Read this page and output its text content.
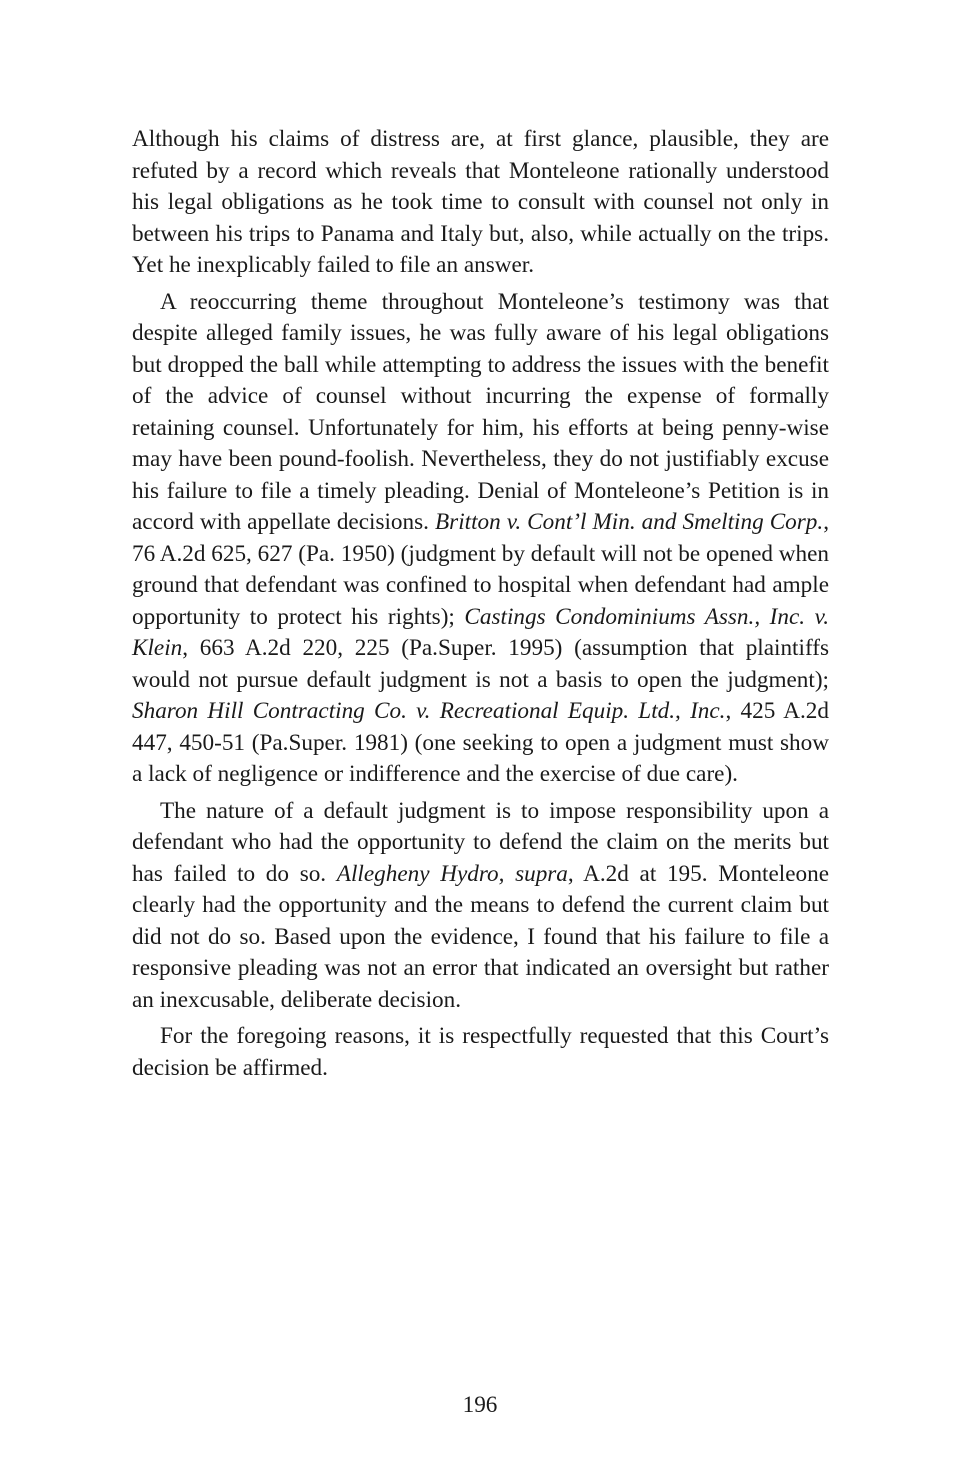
Although his claims of distress are, at first glance, plausible, they are refuted by a record which reveals that Monteleone rationally understood his legal obligations as he took time to consult with counsel not only in between his trips to Panama and Italy but, also, while actually on the trips. Yet he inexplicably failed to file an answer.

A reoccurring theme throughout Monteleone’s testimony was that despite alleged family issues, he was fully aware of his legal obligations but dropped the ball while attempting to address the issues with the benefit of the advice of counsel without incurring the expense of formally retaining counsel. Unfortunately for him, his efforts at being penny-wise may have been pound-foolish. Nevertheless, they do not justifiably excuse his failure to file a timely pleading. Denial of Monteleone’s Petition is in accord with appellate decisions. Britton v. Cont’l Min. and Smelting Corp., 76 A.2d 625, 627 (Pa. 1950) (judgment by default will not be opened when ground that defendant was confined to hospital when defendant had ample opportunity to protect his rights); Castings Condominiums Assn., Inc. v. Klein, 663 A.2d 220, 225 (Pa.Super. 1995) (assumption that plaintiffs would not pursue default judgment is not a basis to open the judgment); Sharon Hill Contracting Co. v. Recreational Equip. Ltd., Inc., 425 A.2d 447, 450-51 (Pa.Super. 1981) (one seeking to open a judgment must show a lack of negligence or indifference and the exercise of due care).

The nature of a default judgment is to impose responsibility upon a defendant who had the opportunity to defend the claim on the merits but has failed to do so. Allegheny Hydro, supra, A.2d at 195. Monteleone clearly had the opportunity and the means to defend the current claim but did not do so. Based upon the evidence, I found that his failure to file a responsive pleading was not an error that indicated an oversight but rather an inexcusable, deliberate decision.

For the foregoing reasons, it is respectfully requested that this Court’s decision be affirmed.

196
